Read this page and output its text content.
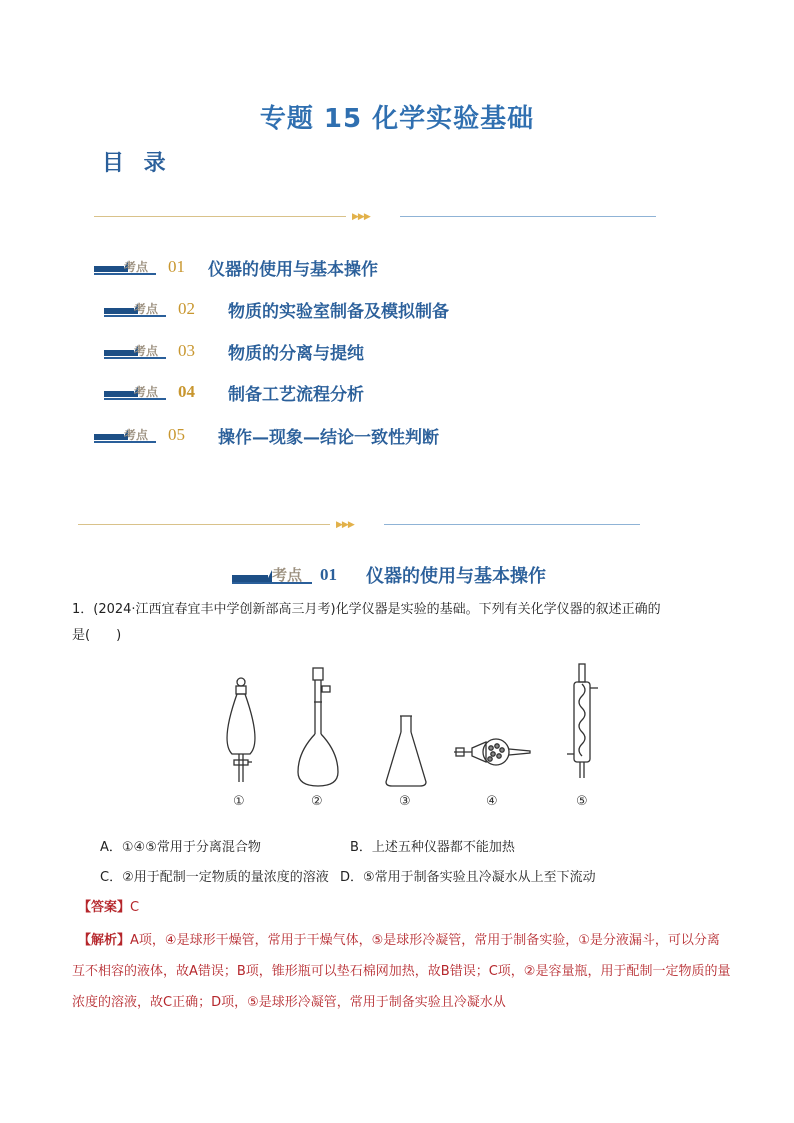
专题 15 化学实验基础
目 录
▶▶▶
考点 01	仪器的使用与基本操作
考点 02	物质的实验室制备及模拟制备
考点 03	物质的分离与提纯
考点 04	制备工艺流程分析
考点 05	操作—现象—结论一致性判断
▶▶▶
考点 01	仪器的使用与基本操作
1．(2024·江西宜春宜丰中学创新部高三月考)化学仪器是实验的基础。下列有关化学仪器的叙述正确的
是(　　)
①	②	③	④	⑤
A．①④⑤常用于分离混合物	B．上述五种仪器都不能加热
C．②用于配制一定物质的量浓度的溶液 D．⑤常用于制备实验且冷凝水从上至下流动
【答案】C
【解析】A项，④是球形干燥管，常用于干燥气体，⑤是球形冷凝管，常用于制备实验，①是分液漏斗，可以分离互不相容的液体，故A错误；B项，锥形瓶可以垫石棉网加热，故B错误；C项，②是容量瓶，用于配制一定物质的量浓度的溶液，故C正确；D项，⑤是球形冷凝管，常用于制备实验且冷凝水从
